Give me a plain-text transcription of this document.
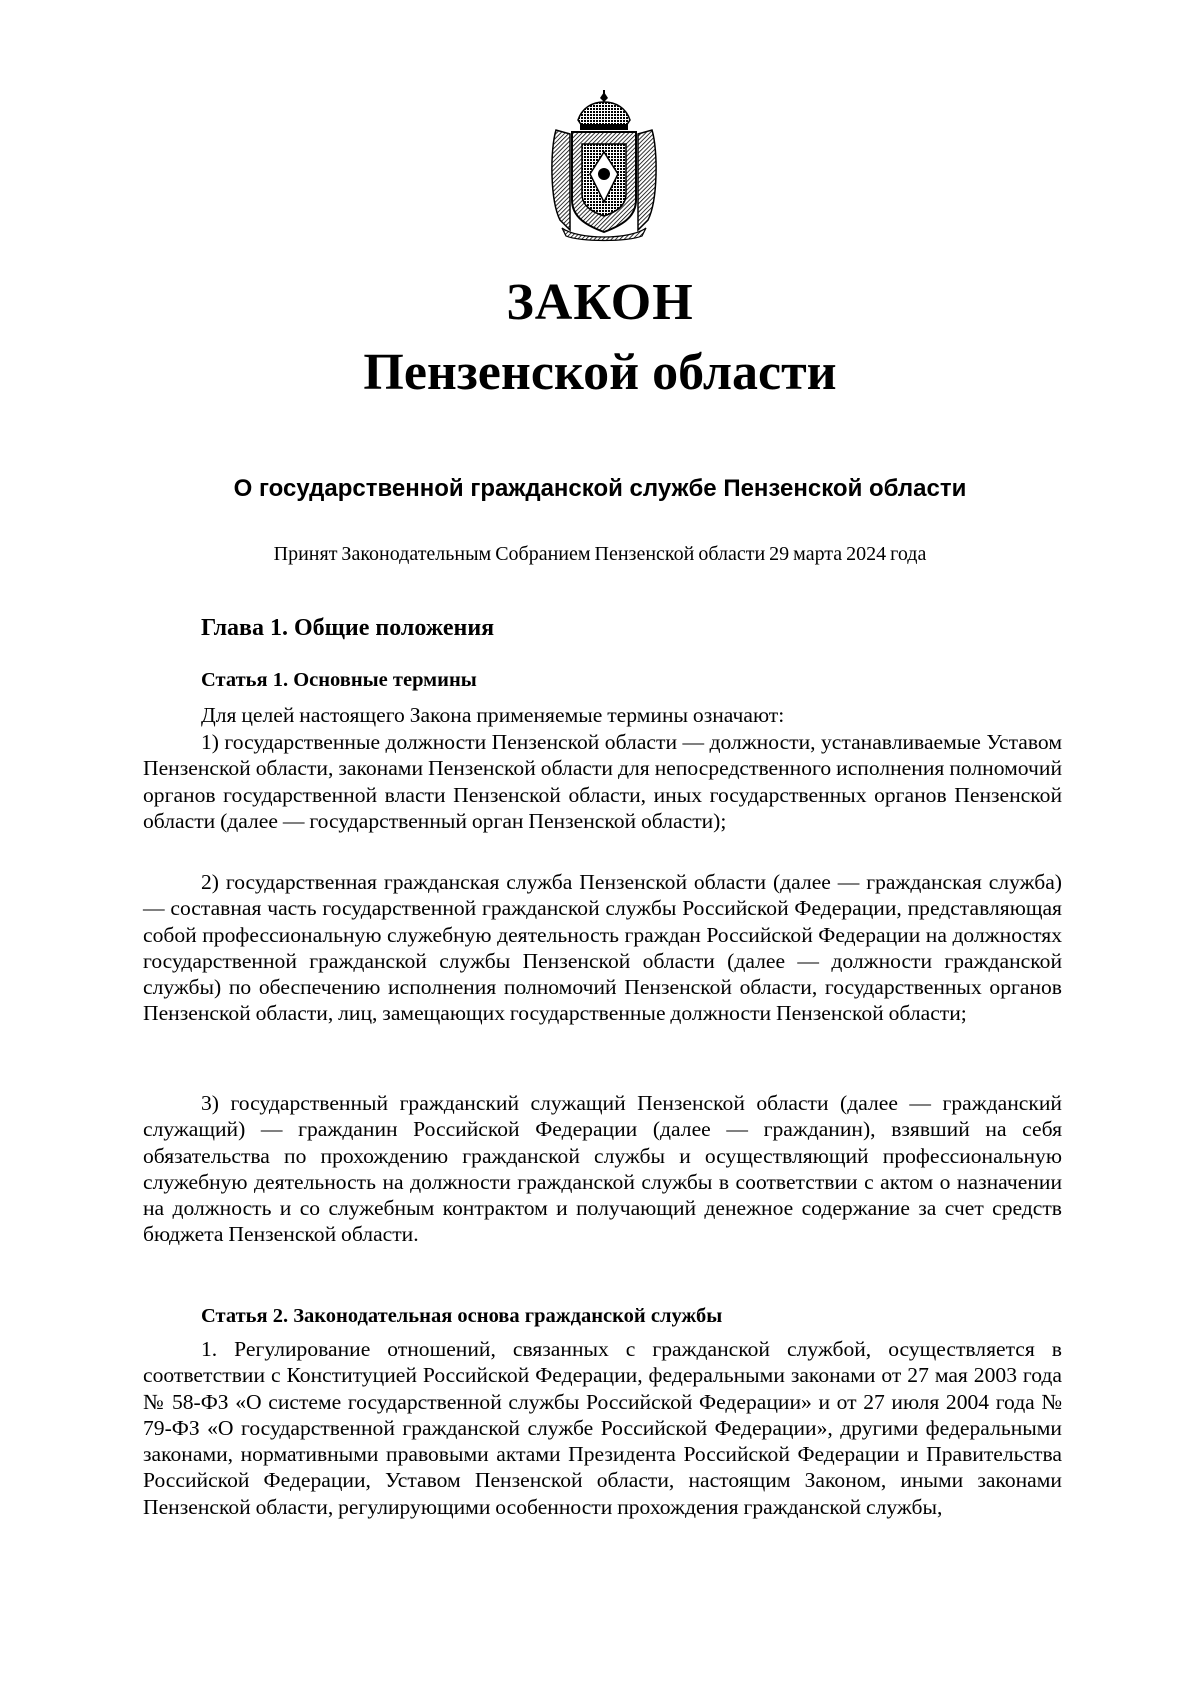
ЗАКОН
Пензенской области
О государственной гражданской службе Пензенской области
Принят Законодательным Собранием Пензенской области 29 марта 2024 года
Глава 1. Общие положения
Статья 1. Основные термины

Для целей настоящего Закона применяемые термины означают:

1) государственные должности Пензенской области — должности, устанавливаемые Уставом Пензенской области, законами Пензенской области для непосредственного исполнения полномочий органов государственной власти Пензенской области, иных государственных органов Пензенской области (далее — государственный орган Пензенской области);

2) государственная гражданская служба Пензенской области (далее — гражданская служба) — составная часть государственной гражданской службы Российской Федерации, представляющая собой профессиональную служебную деятельность граждан Российской Федерации на должностях государственной гражданской службы Пензенской области (далее — должности гражданской службы) по обеспечению исполнения полномочий Пензенской области, государственных органов Пензенской области, лиц, замещающих государственные должности Пензенской области;

3) государственный гражданский служащий Пензенской области (далее — гражданский служащий) — гражданин Российской Федерации (далее — гражданин), взявший на себя обязательства по прохождению гражданской службы и осуществляющий профессиональную служебную деятельность на должности гражданской службы в соответствии с актом о назначении на должность и со служебным контрактом и получающий денежное содержание за счет средств бюджета Пензенской области.

Статья 2. Законодательная основа гражданской службы

1. Регулирование отношений, связанных с гражданской службой, осуществляется в соответствии с Конституцией Российской Федерации, федеральными законами от 27 мая 2003 года № 58-ФЗ «О системе государственной службы Российской Федерации» и от 27 июля 2004 года № 79-ФЗ «О государственной гражданской службе Российской Федерации», другими федеральными законами, нормативными правовыми актами Президента Российской Федерации и Правительства Российской Федерации, Уставом Пензенской области, настоящим Законом, иными законами Пензенской области, регулирующими особенности прохождения гражданской службы,
